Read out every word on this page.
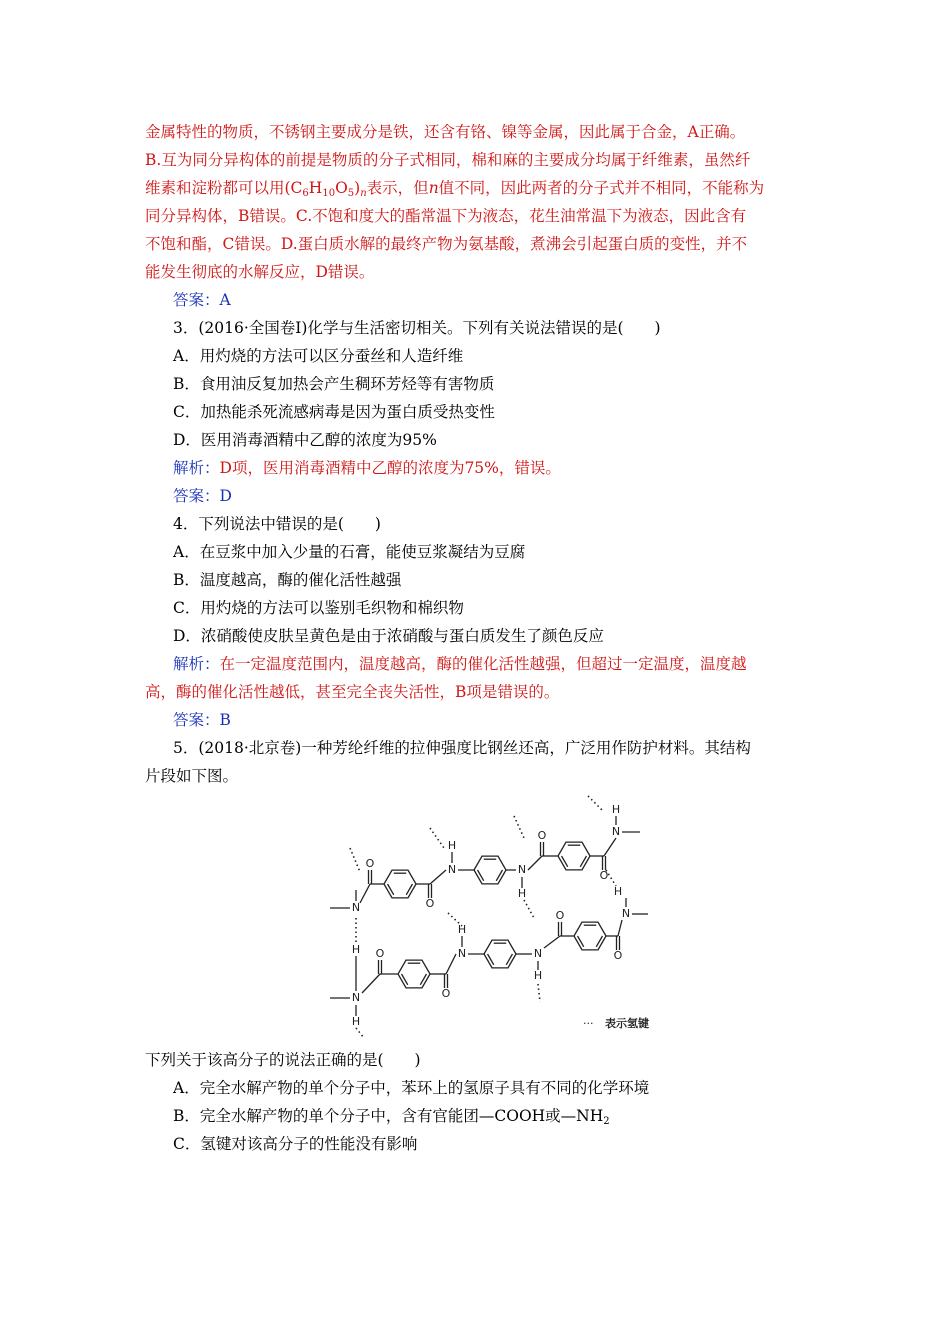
金属特性的物质，不锈钢主要成分是铁，还含有铬、镍等金属，因此属于合金，A正确。
B.互为同分异构体的前提是物质的分子式相同，棉和麻的主要成分均属于纤维素，虽然纤
维素和淀粉都可以用$(C_6H_{10}O_5)_n$表示，但n值不同，因此两者的分子式并不相同，不能称为
同分异构体，B错误。C.不饱和度大的酯常温下为液态，花生油常温下为液态，因此含有
不饱和酯，C错误。D.蛋白质水解的最终产物为氨基酸，煮沸会引起蛋白质的变性，并不
能发生彻底的水解反应，D错误。
答案：A
3．(2016·全国卷Ⅰ)化学与生活密切相关。下列有关说法错误的是(　　)
A．用灼烧的方法可以区分蚕丝和人造纤维
B．食用油反复加热会产生稠环芳烃等有害物质
C．加热能杀死流感病毒是因为蛋白质受热变性
D．医用消毒酒精中乙醇的浓度为95%
解析：D项，医用消毒酒精中乙醇的浓度为75%，错误。
答案：D
4．下列说法中错误的是(　　)
A．在豆浆中加入少量的石膏，能使豆浆凝结为豆腐
B．温度越高，酶的催化活性越强
C．用灼烧的方法可以鉴别毛织物和棉织物
D．浓硝酸使皮肤呈黄色是由于浓硝酸与蛋白质发生了颜色反应
解析：在一定温度范围内，温度越高，酶的催化活性越强，但超过一定温度，温度越
高，酶的催化活性越低，甚至完全丧失活性，B项是错误的。
答案：B
5．(2018·北京卷)一种芳纶纤维的拉伸强度比钢丝还高，广泛用作防护材料。其结构
片段如下图。
N
O
O
N
H
N
H
O
O
N
H
N
H
H O
O
N
H
N
H
O
O
N
H
··· 表示氢键
下列关于该高分子的说法正确的是(　　)
A．完全水解产物的单个分子中，苯环上的氢原子具有不同的化学环境
B．完全水解产物的单个分子中，含有官能团—COOH或$—NH_2$
C．氢键对该高分子的性能没有影响
